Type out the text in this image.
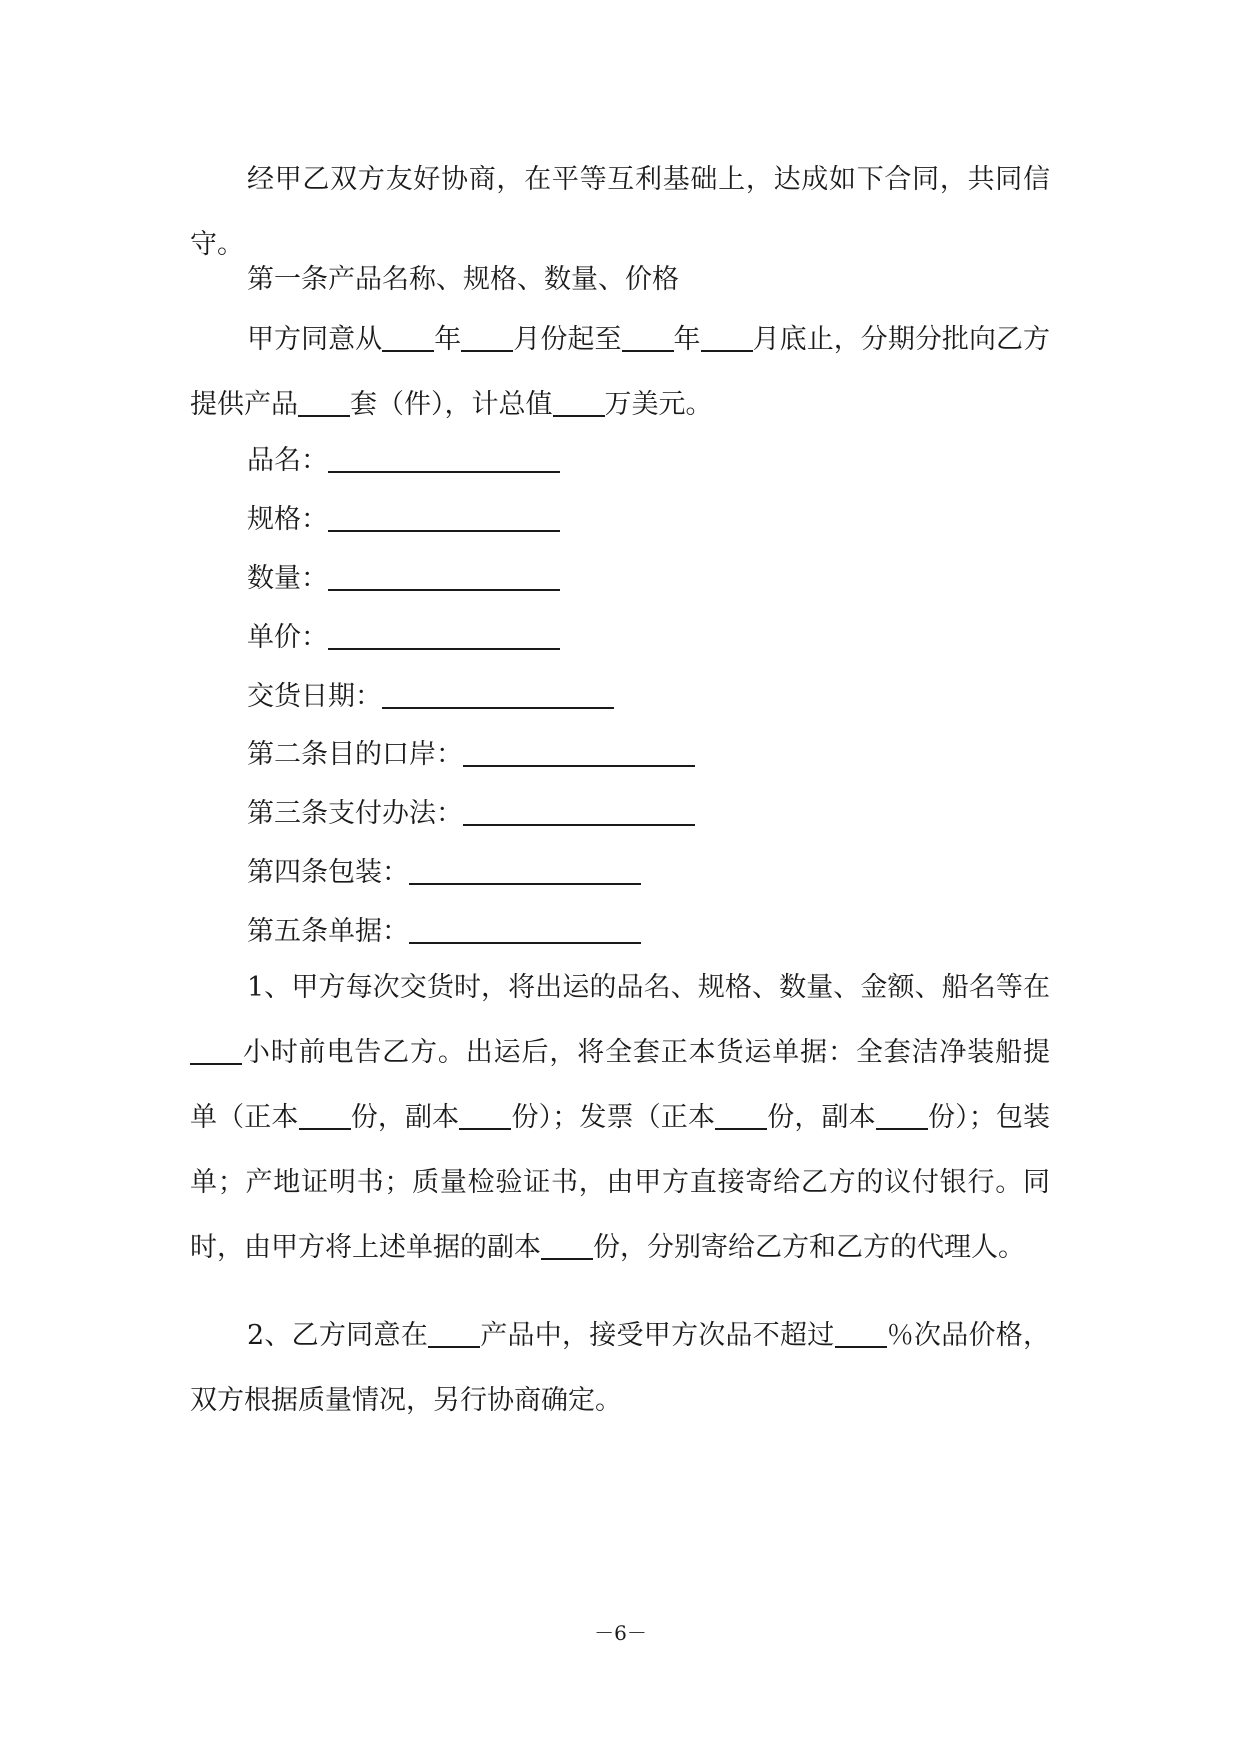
经甲乙双方友好协商，在平等互利基础上，达成如下合同，共同信守。

第一条产品名称、规格、数量、价格

甲方同意从 年 月份起至 年 月底止，分期分批向乙方提供产品 套（件），计总值 万美元。

品名：

规格：

数量：

单价：

交货日期：

第二条目的口岸：

第三条支付办法：

第四条包装：

第五条单据：

1、甲方每次交货时，将出运的品名、规格、数量、金额、船名等在小时前电告乙方。出运后，将全套正本货运单据：全套洁净装船提单（正本 份，副本 份）；发票（正本 份，副本 份）；包装单；产地证明书；质量检验证书，由甲方直接寄给乙方的议付银行。同时，由甲方将上述单据的副本 份，分别寄给乙方和乙方的代理人。

2、乙方同意在 产品中，接受甲方次品不超过 ％次品价格，双方根据质量情况，另行协商确定。

－6－
